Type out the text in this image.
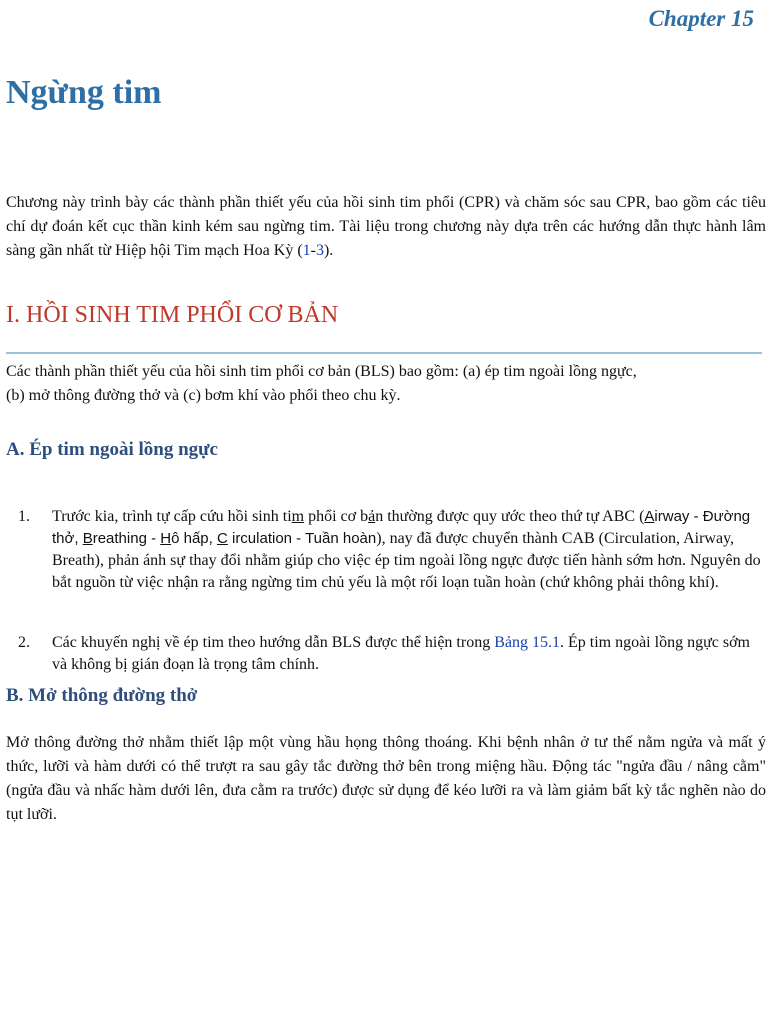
Chapter 15
Ngừng tim

Chương này trình bày các thành phần thiết yếu của hồi sinh tim phổi (CPR) và chăm sóc sau CPR, bao gồm các tiêu chí dự đoán kết cục thần kinh kém sau ngừng tim. Tài liệu trong chương này dựa trên các hướng dẫn thực hành lâm sàng gần nhất từ Hiệp hội Tim mạch Hoa Kỳ (1-3).

I. HỒI SINH TIM PHỔI CƠ BẢN

Các thành phần thiết yếu của hồi sinh tim phổi cơ bản (BLS) bao gồm: (a) ép tim ngoài lồng ngực,
(b) mở thông đường thở và (c) bơm khí vào phổi theo chu kỳ.

A. Ép tim ngoài lồng ngực
1. Trước kia, trình tự cấp cứu hồi sinh tim phổi cơ bản thường được quy ước theo thứ tự ABC (Airway - Đường thở, Breathing - Hô hấp, C irculation - Tuần hoàn), nay đã được chuyển thành CAB (Circulation, Airway, Breath), phản ánh sự thay đổi nhằm giúp cho việc ép tim ngoài lồng ngực được tiến hành sớm hơn. Nguyên do bắt nguồn từ việc nhận ra rằng ngừng tim chủ yếu là một rối loạn tuần hoàn (chứ không phải thông khí).
2. Các khuyến nghị về ép tim theo hướng dẫn BLS được thể hiện trong Bảng 15.1. Ép tim ngoài lồng ngực sớm và không bị gián đoạn là trọng tâm chính.
B. Mở thông đường thở

Mở thông đường thở nhằm thiết lập một vùng hầu họng thông thoáng. Khi bệnh nhân ở tư thế nằm ngửa và mất ý thức, lưỡi và hàm dưới có thể trượt ra sau gây tắc đường thở bên trong miệng hầu. Động tác "ngửa đầu / nâng cằm" (ngửa đầu và nhấc hàm dưới lên, đưa cằm ra trước) được sử dụng để kéo lưỡi ra và làm giảm bất kỳ tắc nghẽn nào do tụt lưỡi.
